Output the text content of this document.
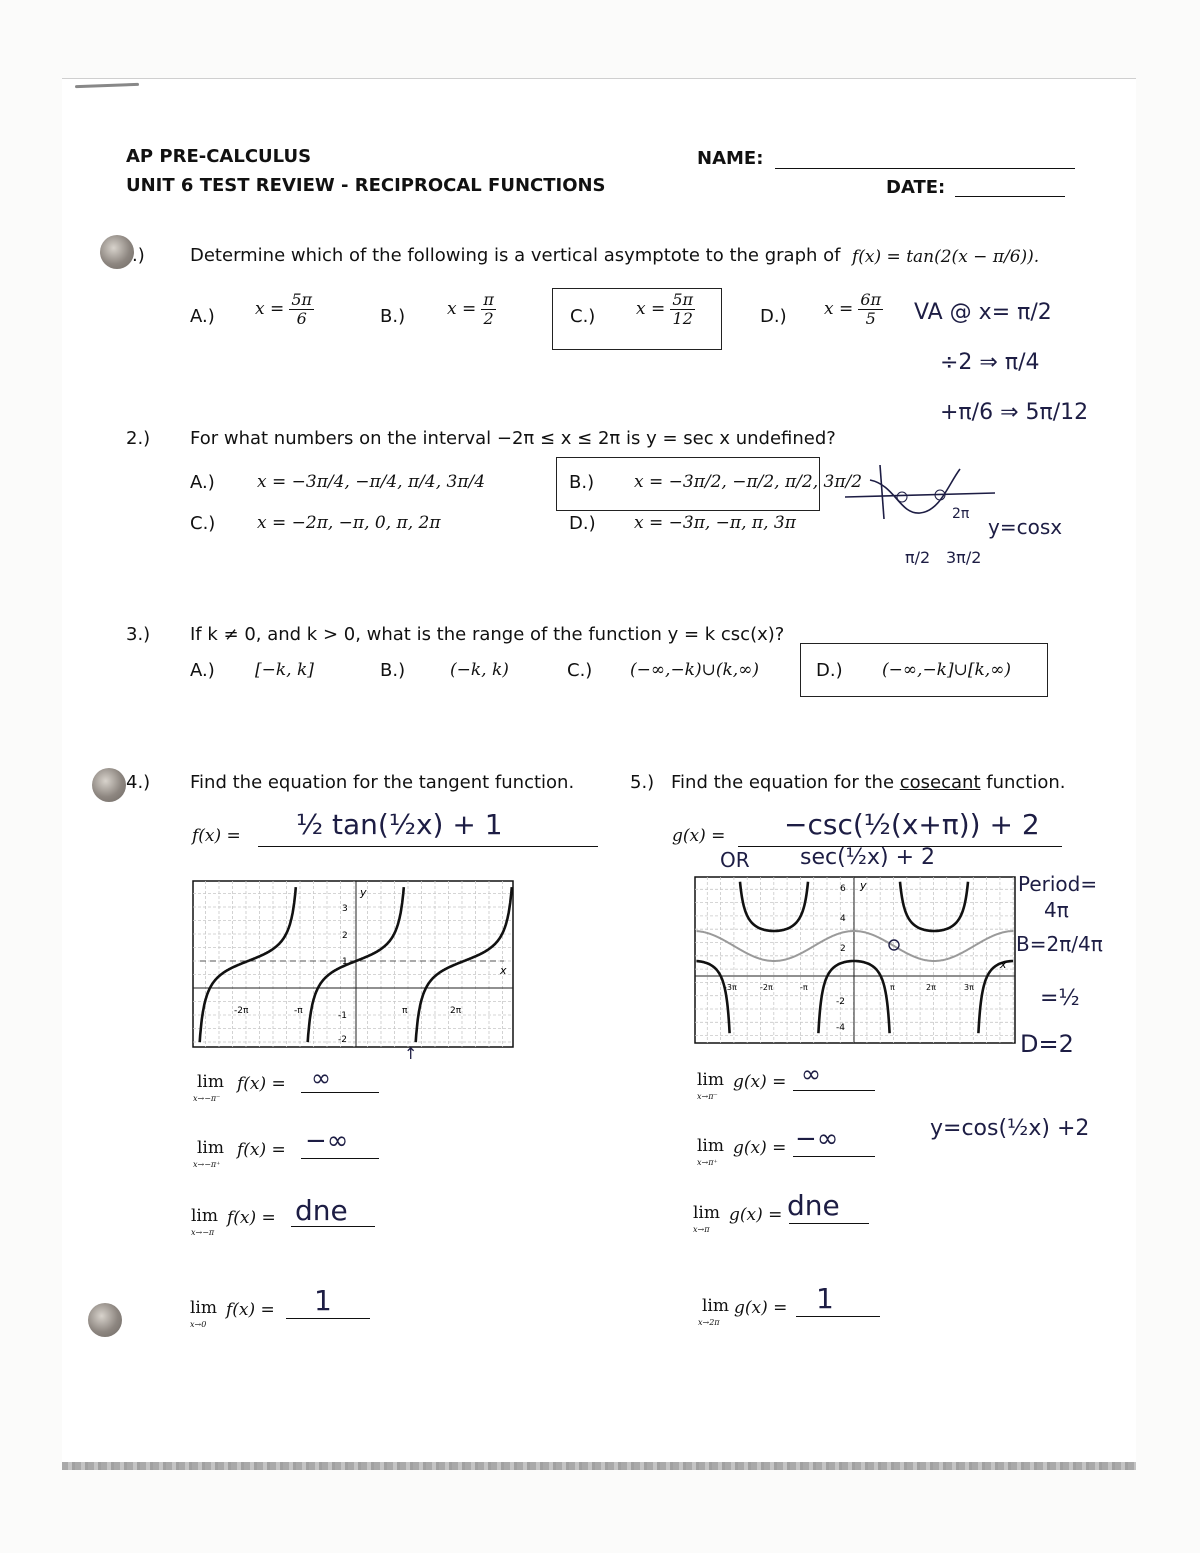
AP PRE-CALCULUS
UNIT 6 TEST REVIEW - RECIPROCAL FUNCTIONS
NAME:
DATE:
.)	Determine which of the following is a vertical asymptote to the graph of f(x) = tan(2(x − π/6)).
A.) $x = \frac{5\pi}{6}$	B.) $x = \frac{\pi}{2}$	C.) $x = \frac{5\pi}{12}$	D.) $x = \frac{6\pi}{5}$ VA @ x= π/2
÷2 ⇒ π/4
+π/6 ⇒ 5π/12
2.) For what numbers on the interval −2π ≤ x ≤ 2π is y = sec x undefined?
A.) x = −3π/4, −π/4, π/4, 3π/4	B.) x = −3π/2, −π/2, π/2, 3π/2
C.) x = −2π, −π, 0, π, 2π	D.) x = −3π, −π, π, 3π	2π
y=cosx
π/2 3π/2
3.) If k ≠ 0, and k > 0, what is the range of the function y = k csc(x)?
A.) [−k, k]	B.)	(−k, k)	C.) (−∞,−k)∪(k,∞)	D.) (−∞,−k]∪[k,∞)
4.) Find the equation for the tangent function.
f(x) = ½ tan(½x) + 1
y
x
3
2
1
-1
-2
-2π	-π	π	2π
↑
lim
x→−π⁻
f(x) = ∞
lim
x→−π⁺
f(x) = −∞
lim
x→−π
f(x) = dne
lim
x→0
f(x) = 1
5.) Find the equation for the cosecant function.
g(x) = −csc(½(x+π)) + 2
OR sec(½x) + 2
y
x
6
4
2
-2
-4
-3π	-2π	-π	π	2π	3π
Period=
4π
B=2π/4π
=½
D=2
y=cos(½x) +2
lim
x→π⁻
g(x) = ∞
lim
x→π⁺
g(x) = −∞
lim
x→π
g(x) = dne
lim
x→2π
g(x) = 1
